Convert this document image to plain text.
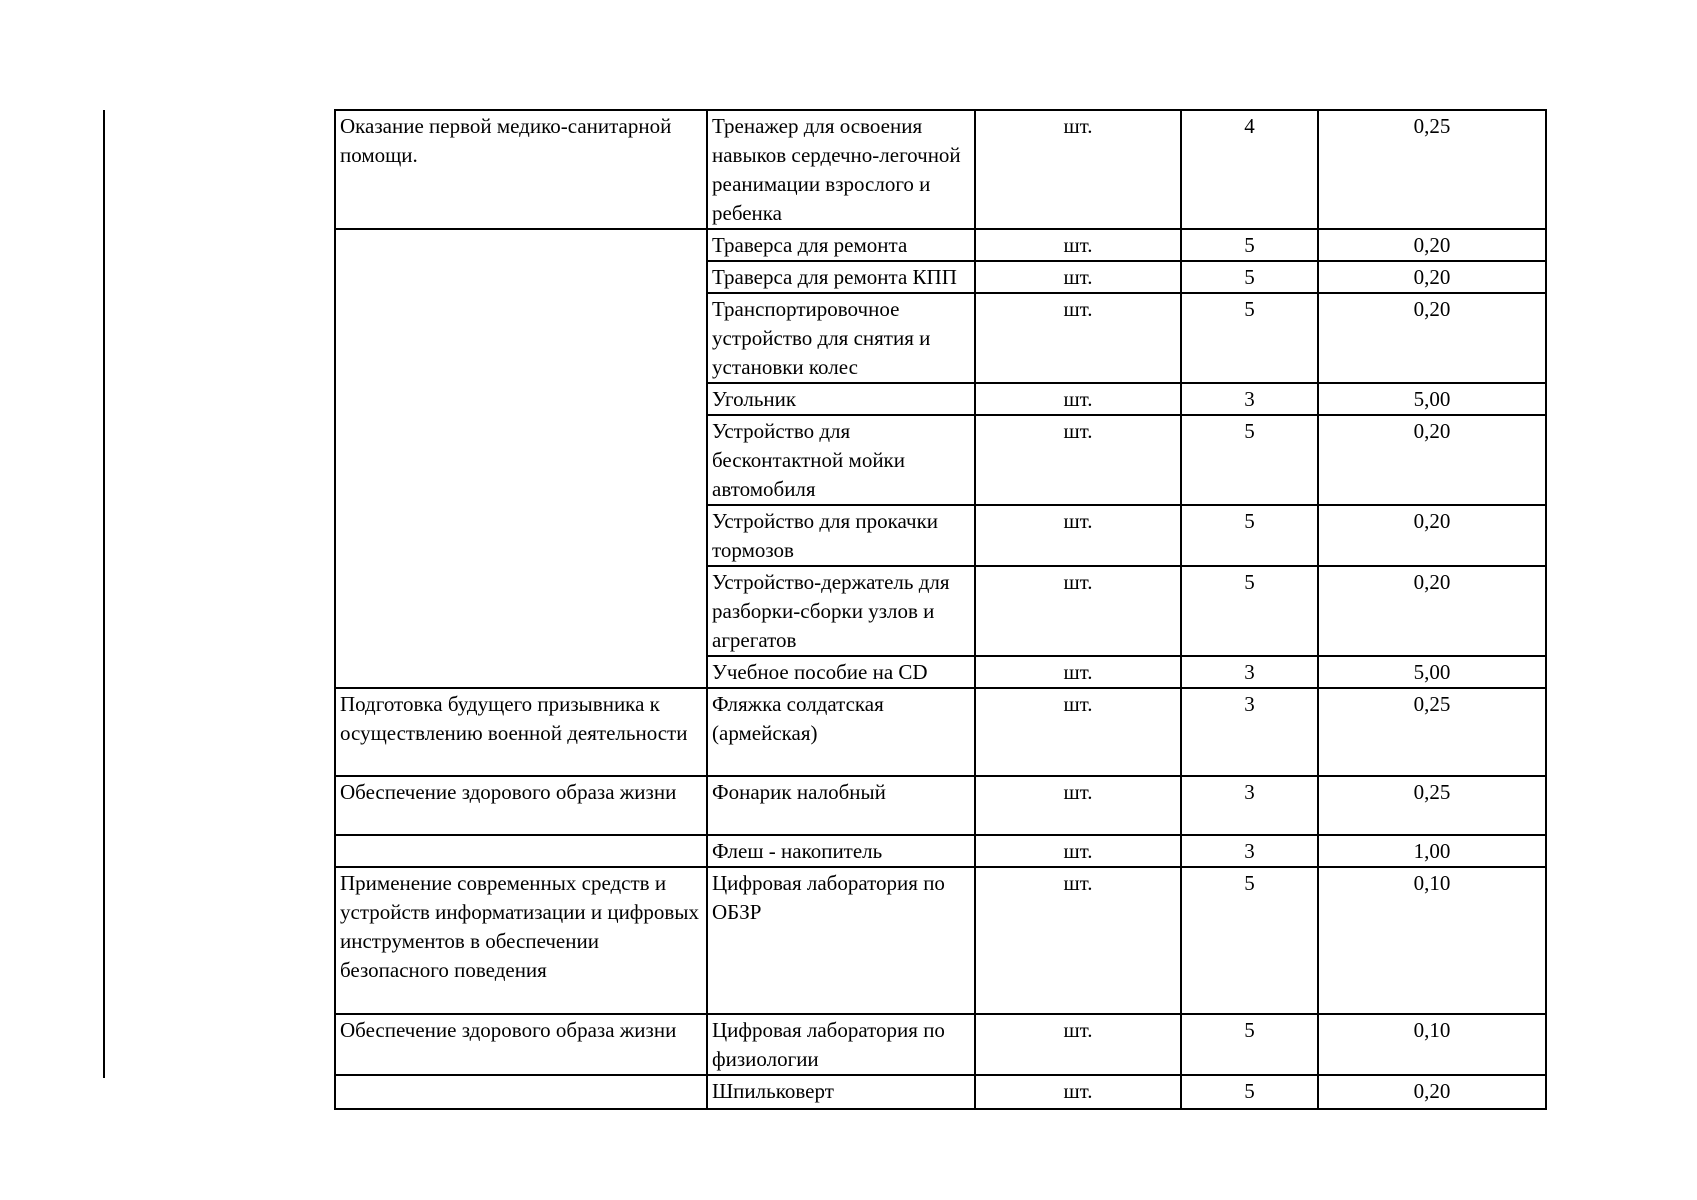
Оказание первой медико-санитарной помощи.	Тренажер для освоения навыков сердечно-легочной реанимации взрослого и ребенка	шт.	4	0,25
	Траверса для ремонта	шт.	5	0,20
	Траверса для ремонта КПП	шт.	5	0,20
	Транспортировочное устройство для снятия и установки колес	шт.	5	0,20
	Угольник	шт.	3	5,00
	Устройство для бесконтактной мойки автомобиля	шт.	5	0,20
	Устройство для прокачки тормозов	шт.	5	0,20
	Устройство-держатель для разборки-сборки узлов и агрегатов	шт.	5	0,20
	Учебное пособие на CD	шт.	3	5,00
Подготовка будущего призывника к осуществлению военной деятельности	Фляжка солдатская (армейская)	шт.	3	0,25
Обеспечение здорового образа жизни	Фонарик налобный	шт.	3	0,25
	Флеш - накопитель	шт.	3	1,00
Применение современных средств и устройств информатизации и цифровых инструментов в обеспечении безопасного поведения	Цифровая лаборатория по ОБЗР	шт.	5	0,10
Обеспечение здорового образа жизни	Цифровая лаборатория по физиологии	шт.	5	0,10
	Шпильковерт	шт.	5	0,20
